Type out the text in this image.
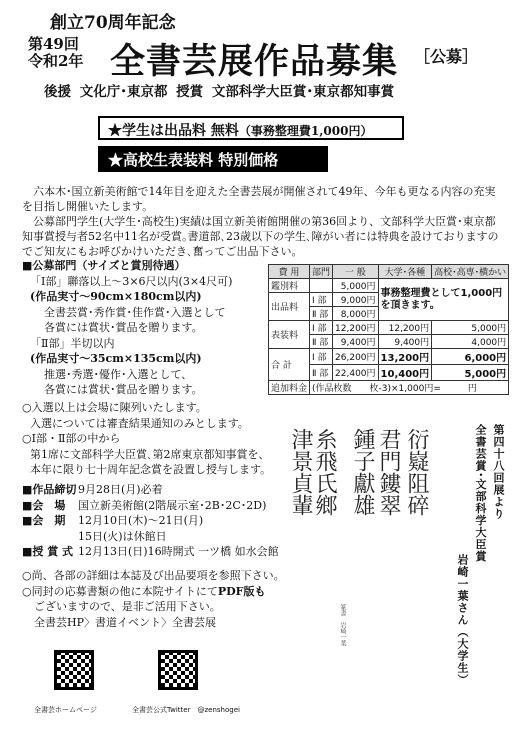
創立70周年記念
第49回
令和2年 全書芸展作品募集 ［公募］
後援 文化庁･東京都 授賞 文部科学大臣賞･東京都知事賞
★学生は出品料 無料（事務整理費1,000円）
★高校生表装料 特別価格

六本木･国立新美術館で14年目を迎えた全書芸展が開催されて49年、今年も更なる内容の充実を目指し開催いたします。

公募部門学生(大学生･高校生)実績は国立新美術館開催の第36回より、文部科学大臣賞･東京都知事賞授与者52名中11名が受賞｡書道部､23歳以下の学生､障がい者には特典を設けておりますのでご知友にもお呼びかけいただき､奮ってご出品下さい。

■公募部門（サイズと賞別待遇）
「Ⅰ部」聯落以上～3×6尺以内(3×4尺可)
(作品実寸～90cm×180cm以内)
全書芸賞･秀作賞･佳作賞･入選として
各賞には賞状･賞品を贈ります。
「Ⅱ部」半切以内
(作品実寸～35cm×135cm以内)
推選･秀選･優作･入選として、
各賞には賞状･賞品を贈ります。
費 用	部門	一 般	大学･各種	高校･高専･横かい
鑑別料		5,000円	事務整理費として1,000円を頂きます。	
出品料	Ⅰ 部	9,000円		
	Ⅱ 部	8,000円		
表装料	Ⅰ 部	12,200円	12,200円	5,000円
	Ⅱ 部	9,400円	9,400円	4,000円
合 計	Ⅰ 部	26,200円	13,200円	6,000円
	Ⅱ 部	22,400円	10,400円	5,000円
追加料金	(作品枚数　　枚-3)×1,000円=　　　円			
○入選以上は会場に陳列いたします。
入選については審査結果通知のみとします。
○Ⅰ部・Ⅱ部の中から
第1席に文部科学大臣賞､第2席東京都知事賞を、
本年に限り七十周年記念賞を設置し授与します。
■作品締切 9月28日(月)必着
■会　場	国立新美術館(2階展示室･2B･2C･2D)
■会　期	12月10日(木)～21日(月)
15日(火)は休館日
■授 賞 式 12月13日(日)16時開式 一ツ橋 如水会館
○尚、各部の詳細は本誌及び出品要項を参照下さい。
○同封の応募書類の他に本院サイトにてPDF版も
ございますので、是非ご活用下さい。
全書芸HP〉書道イベント〉全書芸展
全書芸ホームページ	全書芸公式Twitter　@zenshogei
津景貞輩 糸飛氏鄉 鍾子獻雄 君門鏤翠 衍嶷阻碎
篆書　岩崎一葉
第四十八回展より
全書芸賞･文部科学大臣賞
岩崎一葉さん（大学生）
